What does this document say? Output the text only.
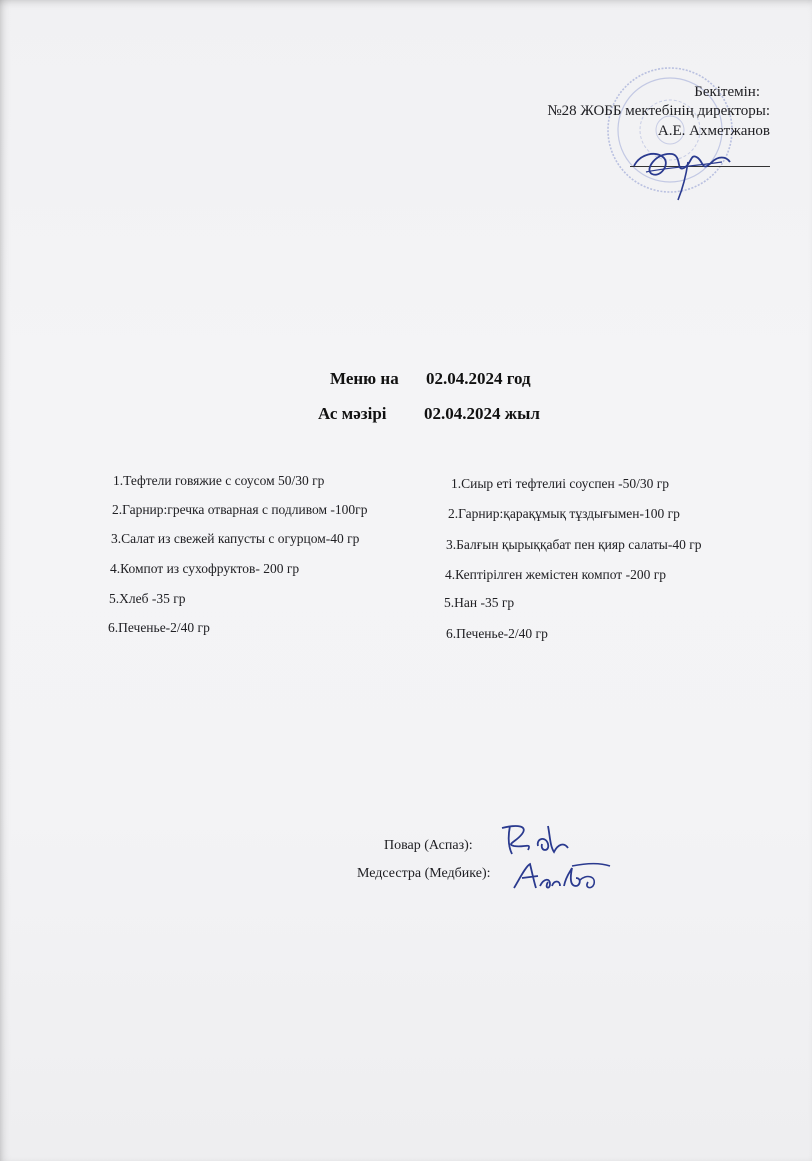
Бекітемін:
№28 ЖОББ мектебінің директоры:
А.Е. Ахметжанов
Меню на 02.04.2024 год
Ас мәзірі 02.04.2024 жыл
1.Тефтели говяжие с соусом 50/30 гр
2.Гарнир:гречка отварная с подливом -100гр
3.Салат из свежей капусты с огурцом-40 гр
4.Компот из сухофруктов- 200 гр
5.Хлеб -35 гр
6.Печенье-2/40 гр
1.Сиыр еті тефтелиі соуспен -50/30 гр
2.Гарнир:қарақұмық тұздығымен-100 гр
3.Балғын қырыққабат пен қияр салаты-40 гр
4.Кептірілген жемістен компот -200 гр
5.Нан -35 гр
6.Печенье-2/40 гр
Повар (Аспаз):
Медсестра (Медбике):
